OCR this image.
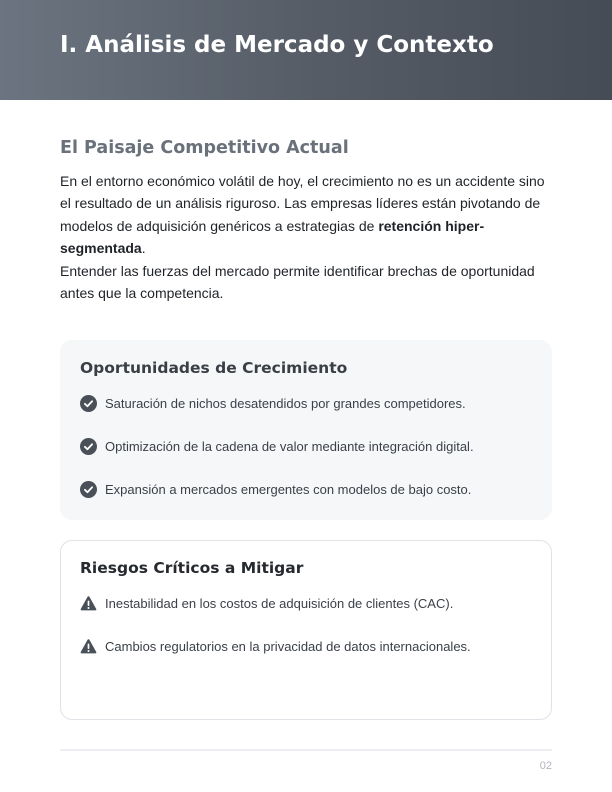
I. Análisis de Mercado y Contexto
El Paisaje Competitivo Actual
En el entorno económico volátil de hoy, el crecimiento no es un accidente sino el resultado de un análisis riguroso. Las empresas líderes están pivotando de modelos de adquisición genéricos a estrategias de retención hiper-segmentada.
Entender las fuerzas del mercado permite identificar brechas de oportunidad antes que la competencia.
Oportunidades de Crecimiento
Saturación de nichos desatendidos por grandes competidores.
Optimización de la cadena de valor mediante integración digital.
Expansión a mercados emergentes con modelos de bajo costo.
Riesgos Críticos a Mitigar
Inestabilidad en los costos de adquisición de clientes (CAC).
Cambios regulatorios en la privacidad de datos internacionales.
02
